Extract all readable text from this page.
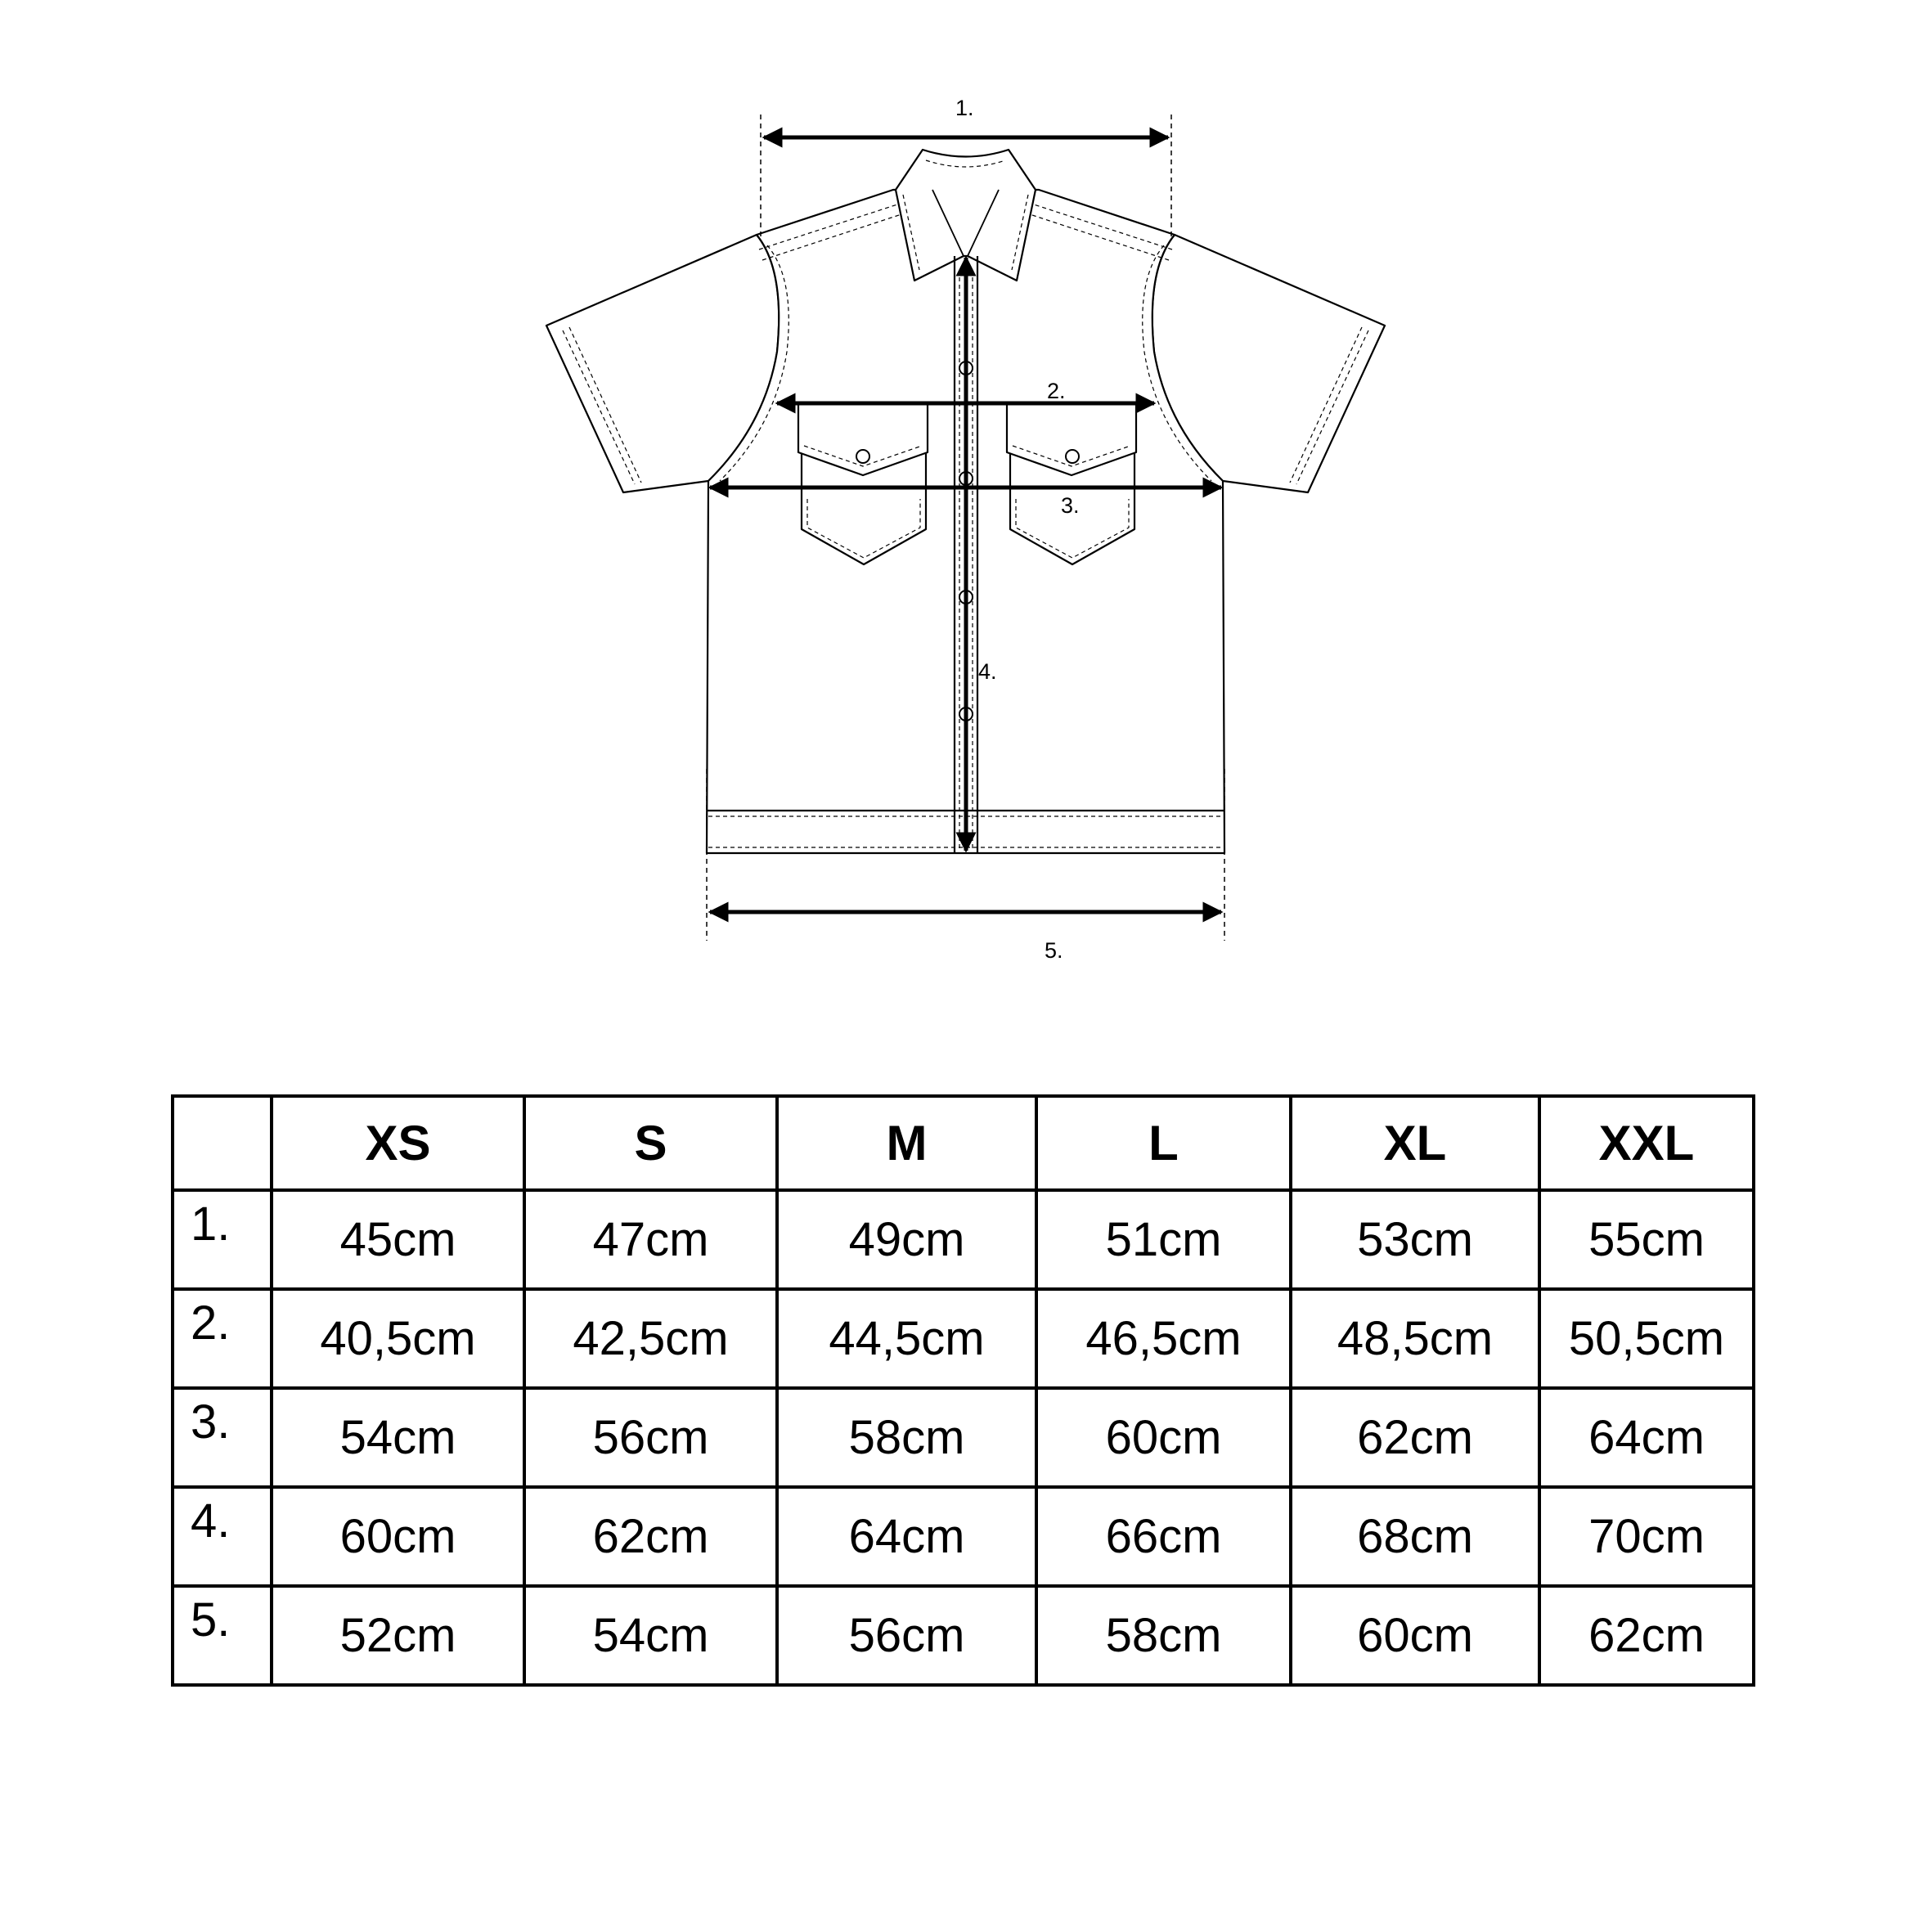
1.
2.
3.
4.
5.
	XS	S	M	L	XL	XXL
1.	45cm	47cm	49cm	51cm	53cm	55cm
2.	40,5cm	42,5cm	44,5cm	46,5cm	48,5cm	50,5cm
3.	54cm	56cm	58cm	60cm	62cm	64cm
4.	60cm	62cm	64cm	66cm	68cm	70cm
5.	52cm	54cm	56cm	58cm	60cm	62cm
